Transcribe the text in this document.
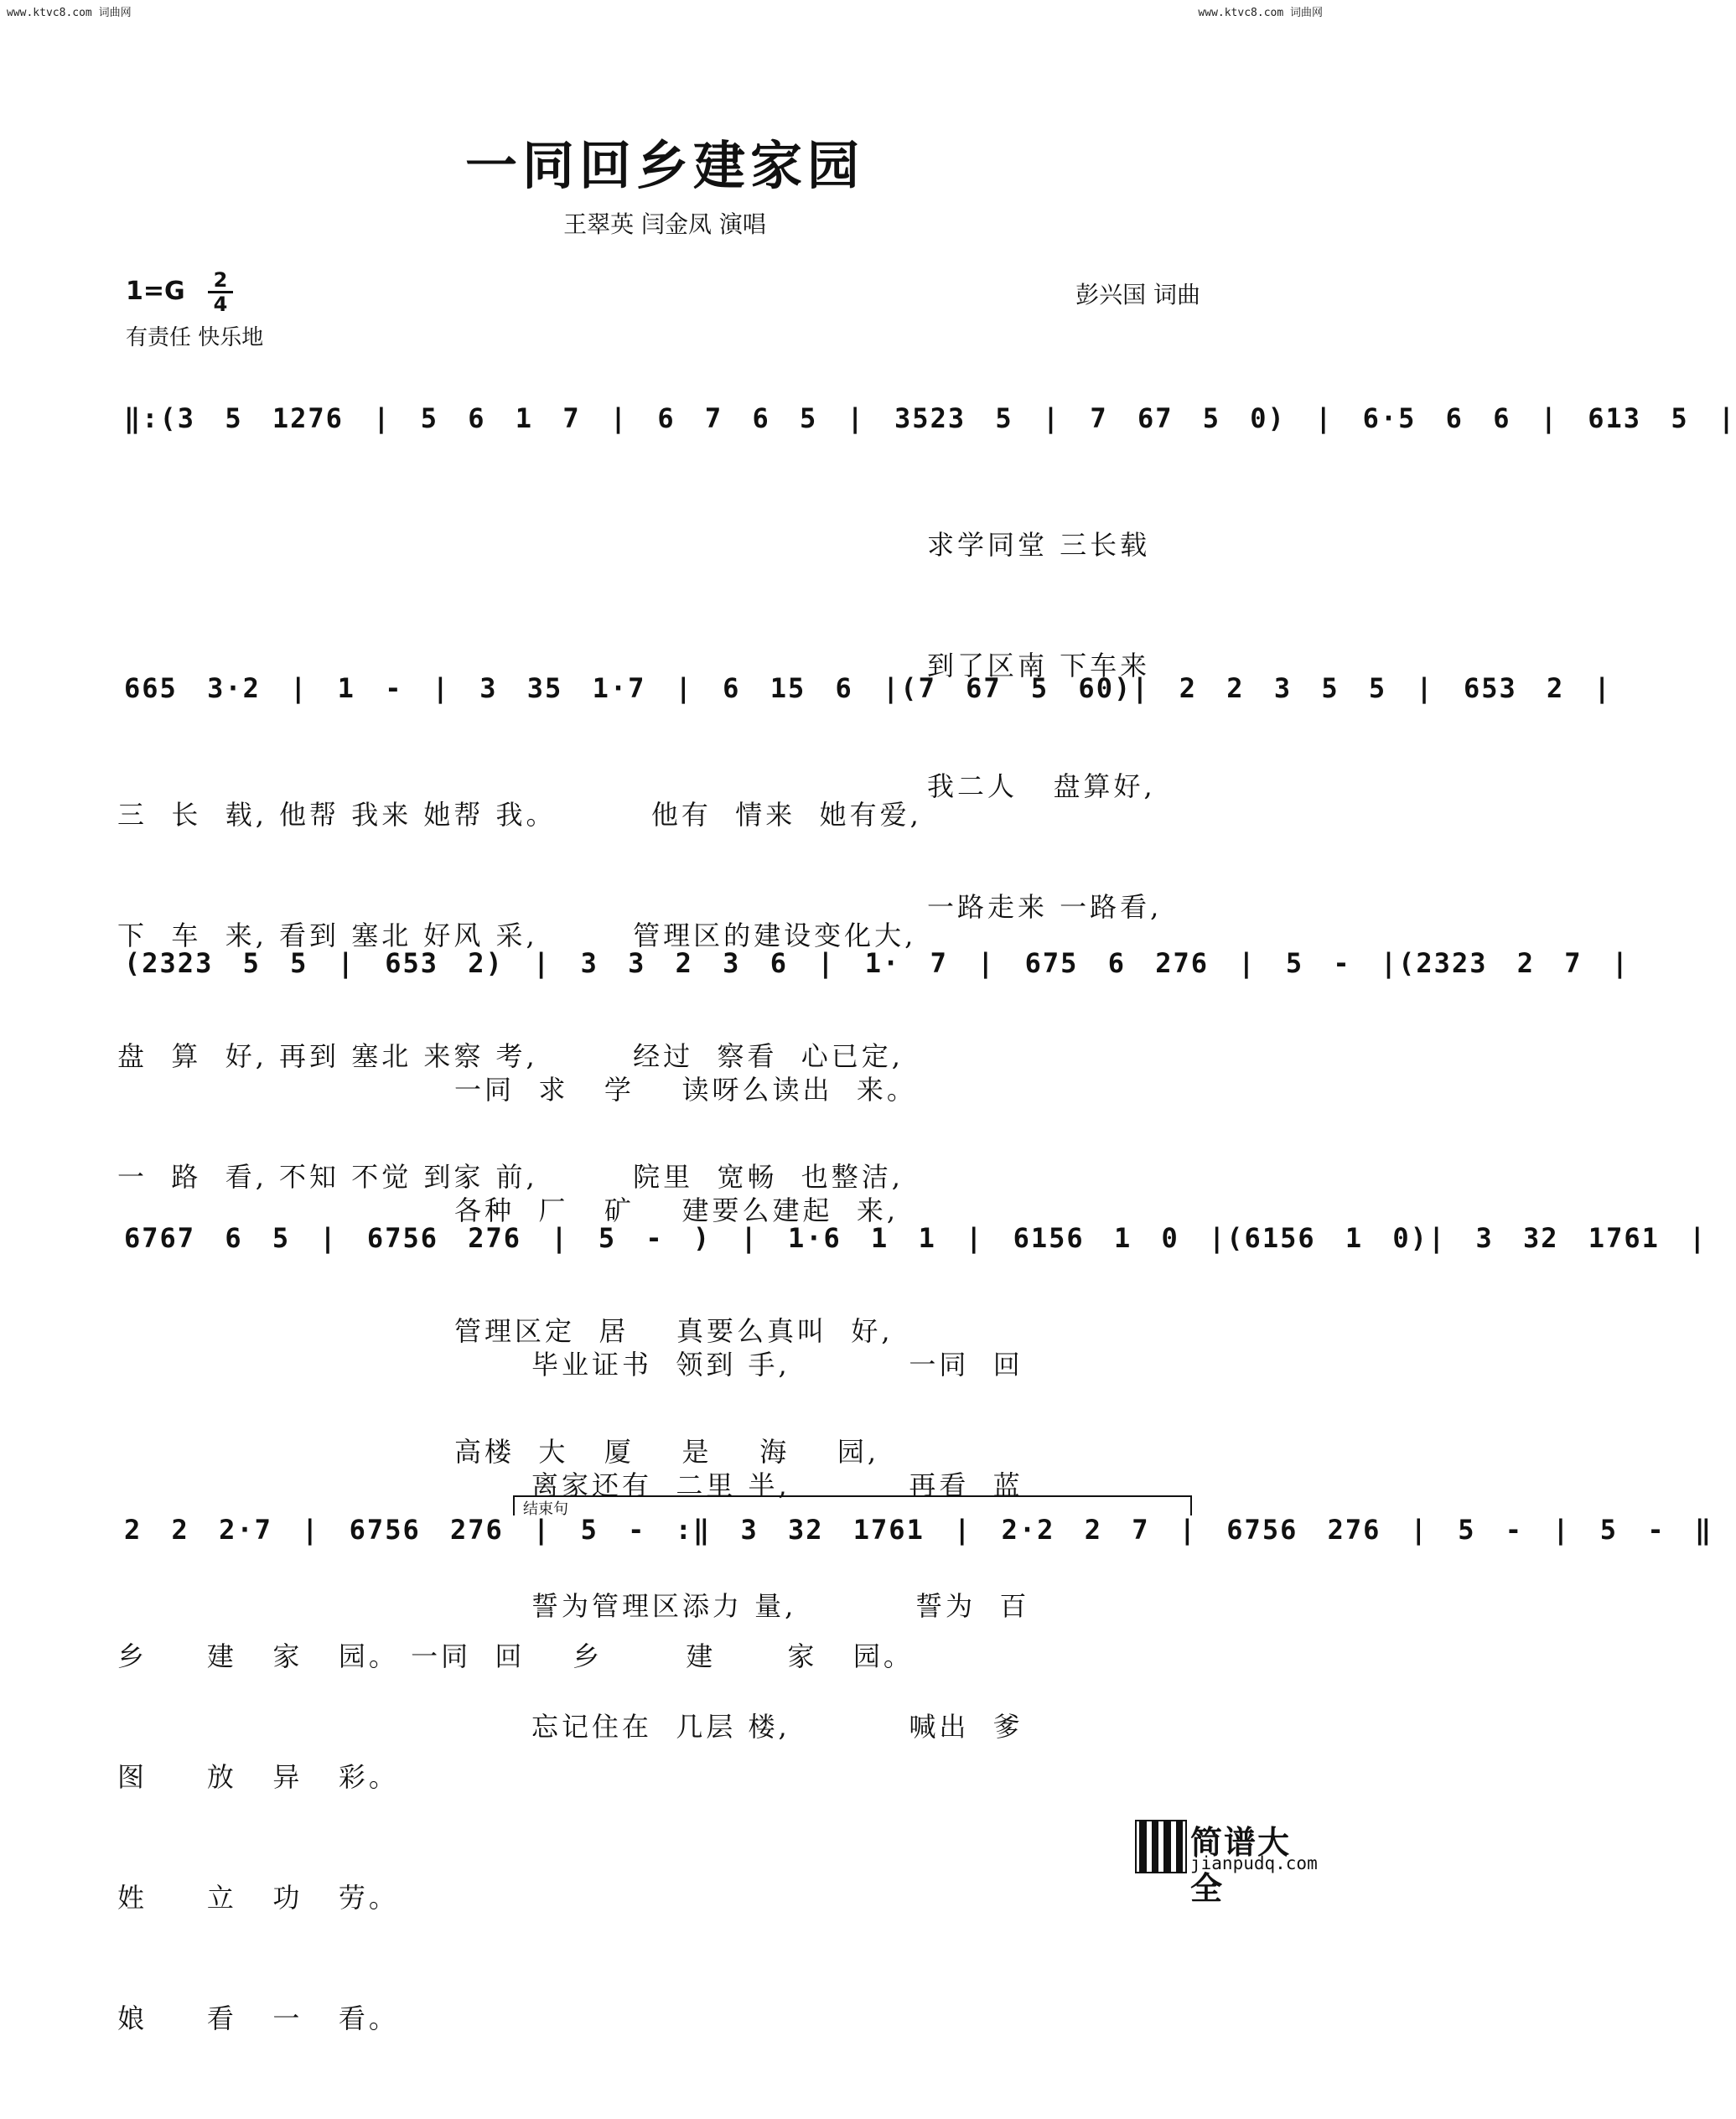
www.ktvc8.com 词曲网	www.ktvc8.com 词曲网
一同回乡建家园
王翠英 闫金凤 演唱
1=G 2
4
有责任 快乐地
彭兴国 词曲
‖:(3 5 1276 | 5 6 1 7 | 6 7 6 5 | 3523 5 | 7 67 5 0) | 6·5 6 6 | 613 5 |

求学同堂 三长载

到了区南 下车来

我二人   盘算好,

一路走来 一路看,

665 3·2 | 1 - | 3 35 1·7 | 6 15 6 |(7 67 5 60)| 2 2 3 5 5 | 653 2 |

三  长  载, 他帮 我来 她帮 我。        他有  情来  她有爱,

下  车  来, 看到 塞北 好风 采,        管理区的建设变化大,

盘  算  好, 再到 塞北 来察 考,        经过  察看  心已定,

一  路  看, 不知 不觉 到家 前,        院里  宽畅  也整洁,

(2323 5 5 | 653 2) | 3 3 2 3 6 | 1· 7 | 675 6 276 | 5 - |(2323 2 7 |

一同  求   学    读呀么读出  来。

各种  厂   矿    建要么建起  来,

管理区定  居    真要么真叫  好,

高楼  大   厦    是    海    园,

6767 6 5 | 6756 276 | 5 - ) | 1·6 1 1 | 6156 1 0 |(6156 1 0)| 3 32 1761 |

毕业证书  领到 手,          一同  回

离家还有  二里 半,          再看  蓝

誓为管理区添力 量,          誓为  百

忘记住在  几层 楼,          喊出  爹

结束句
2 2 2·7 | 6756 276 | 5 - :‖ 3 32 1761 | 2·2 2 7 | 6756 276 | 5 - | 5 - ‖

乡     建   家   园。 一同  回    乡       建      家   园。

图     放   异   彩。

姓     立   功   劳。

娘     看   一   看。

简谱大全
jianpudq.com
